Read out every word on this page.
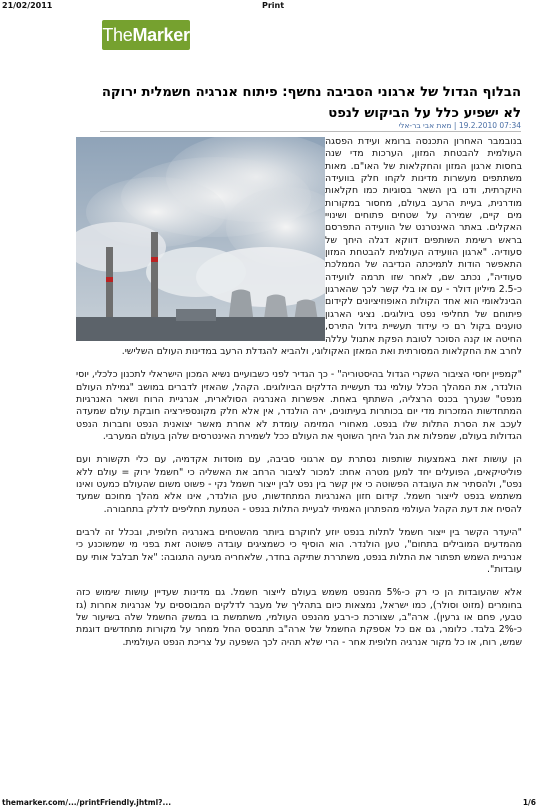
21/02/2011	Print
TheMarker
הבלוף הגדול של ארגוני הסביבה נחשף: פיתוח אנרגיה חשמלית ירוקה לא ישפיע כלל על הביקוש לנפט
07:34 19.2.2010 | מאת אבי בר-אלי

בנובמבר האחרון התכנסה ברומא ועידת הפסגה העולמית להבטחת המזון, הערכות מדי שנה בחסות ארגון המזון והחקלאות של האו"ם. מאות משתתפים מעשרות מדינות לקחו חלק בוועידה היוקרתית, ודנו בין השאר בסוגיות כמו חקלאות מודרנית, בעיית הרעב בעולם, מחסור במקורות מים קיים, שמירה על שטחים פתוחים ושינויי האקלים. באתר האינטרנט של הוועידה התפרסם בראש רשימת השותפים דווקא דגלה היחך של סעודיה. "ארגון הוועידה העולמית להבטחת המזון התאפשר הודות לתמיכתה הנדיבה של הממלכת סעודיה", נכתב שם, לאחר שזו תרמה לוועידה כ-2.5 מיליון דולר - עם או בלי קשר לכך שהארגון הבינלאומי הוא אחד הקולות האופוזיציונים לקידום פיתוחם של תחליפי נפט ביולוגים. נציגי הארגון טוענים בקול רם כי עידוד תעשיית גידול התירס, החיטה או קנה הסוכר לטובת הפקת אתנול עללה לחרב את החקלאות המסורתית ואת המאזן האקולוגי, ולהביא להגדלת הרעב במדינות העולם השלישי.

"קמפיין יחסי הציבור השקרי הגדול בהיסטוריה" - כך הגדיר לפני כשבועיים נשיא המכון הישראלי לתכנון כלכלי, יוסי הולנדר, את המהלך הכלל עולמי נגד תעשיית הדלקים הביולוגים. הקהל, שהאזין לדברים במושב "גמילת העולם מנפט" שנערך בכנס הרצליה, השתתף באחת. אפשרות האנרגיה הסולארית, אנרגיית הרוח ושאר האנרגיות המתחדשות המזכרות מדי יום בכותרות בעיתונים, ירה הולנדר, אין אלא חלק מקונספירציה חובקת עולם שמעדה לעכב את הסרת התלות שלו בנפט. מאחורי המזימה עומדת לא אחרת מאשר יצואנית הנפט וחברות הנפט הגדולות בעולם, שמפלות את הגל היחך השוטף את העולם ככל לשמירת האינטרסים שלהן בעולם המערבי.

הן עושות זאת באמצעות שותפות נסתרת עם ארגוני סביבה, עם מוסדות אקדמיה, עם כלי תקשורת ועם פוליטיקאים, הפועלים יחד למען מטרה אחת: למכור לציבור הרחב את האשליה כי "חשמל ירוק = עולם ללא נפט", ולהסתיר את העובדה הפשוטה כי אין קשר בין נפט לבין ייצור חשמל נקי - פשוט משום שהעולם כמעט ואינו משתמש בנפט לייצור חשמל. קידום חזון האנרגיות המתחדשות, טען הולנדר, אינו אלא מהלך מחוכם שמעד להסיח את דעת הקהל העולמי מהפתרון האמיתי לבעיית התלות בנפט - הטמעת תחליפים לדלק בתחבורה.

"היעדר הקשר בין ייצור חשמל לתלות בנפט יוזע לחוקרם ביותר מהשטחים באנרגיה חלופית, ובכלל זה לרבים מהמדעים המובילים בתחום", טען הולנדר. הוא הוסיף כי כשמציגים עובדה פשוטה זאת בפני מי שמשוכנע כי אנרגיית השמש תפתור את התלות בנפט, משתררת שתיקה בחדר, שלאחריה מגיעה התגובה: "אל תבלבל אותי עם עובדות".

אלא שהעובדות הן כי רק כ-5% מהנפט משמש בעולם לייצור חשמל. גם מדינות שעדיין עושות שימוש כזה בחומרים (מזוט וסולר), כמו ישראל, נמצאות כיום בתהליך של מעבר לדלקים המבוססים על אנרגיות אחרות (גז טבעי, פחם או גרעין). ארה"ב, שצורכת כ-רבע מהנפט העולמי, משתמשת בו במשק החשמל שלה בשיעור של כ-2% בלבד. כלומר, גם אם כל אספקת החשמל של ארה"ב תתבסס החל ממחר על מקורות מתחדשים דוגמת שמש, רוח, או כל מקור אנרגיה חלופית אחר - הרי שלא תהיה לכך השפעה על צריכת הנפט העולמית.

themarker.com/.../printFriendly.jhtml?...	1/6
